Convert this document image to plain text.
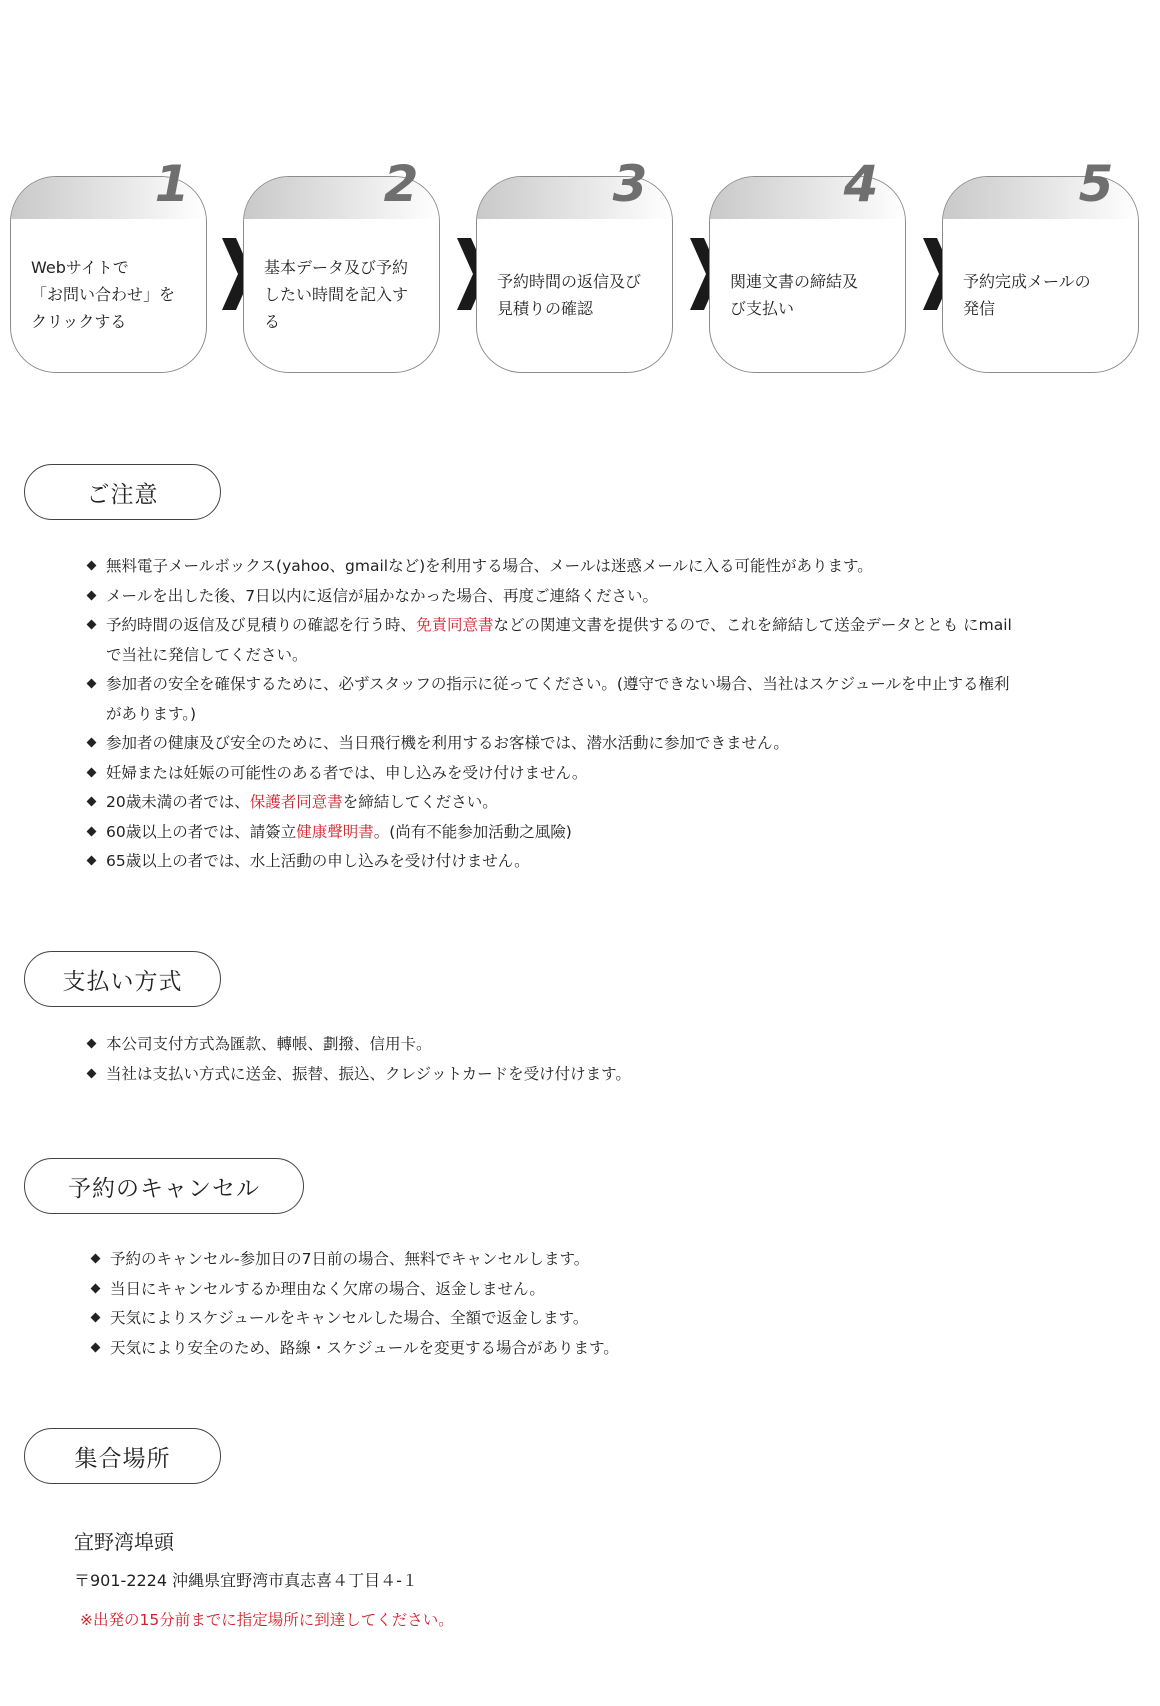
Webサイトで
「お問い合わせ」を
クリックする
1
基本データ及び予約
したい時間を記入す
る
2
予約時間の返信及び
見積りの確認
3
関連文書の締結及
び支払い
4
予約完成メールの
発信
5
ご注意
無料電子メールボックス(yahoo、gmailなど)を利用する場合、メールは迷惑メールに入る可能性があります。
メールを出した後、7日以内に返信が届かなかった場合、再度ご連絡ください。
予約時間の返信及び見積りの確認を行う時、免責同意書などの関連文書を提供するので、これを締結して送金データととも にmailで当社に発信してください。
参加者の安全を確保するために、必ずスタッフの指示に従ってください。(遵守できない場合、当社はスケジュールを中止する権利があります。)
参加者の健康及び安全のために、当日飛行機を利用するお客様では、潜水活動に参加できません。
妊婦または妊娠の可能性のある者では、申し込みを受け付けません。
20歳未満の者では、保護者同意書を締結してください。
60歳以上の者では、請簽立健康聲明書。(尚有不能参加活動之風險)
65歳以上の者では、水上活動の申し込みを受け付けません。
支払い方式
本公司支付方式為匯款、轉帳、劃撥、信用卡。
当社は支払い方式に送金、振替、振込、クレジットカードを受け付けます。
予約のキャンセル
予約のキャンセル-参加日の7日前の場合、無料でキャンセルします。
当日にキャンセルするか理由なく欠席の場合、返金しません。
天気によりスケジュールをキャンセルした場合、全額で返金します。
天気により安全のため、路線・スケジュールを変更する場合があります。
集合場所
宜野湾埠頭
〒901-2224 沖縄県宜野湾市真志喜４丁目４-１
※出発の15分前までに指定場所に到達してください。
